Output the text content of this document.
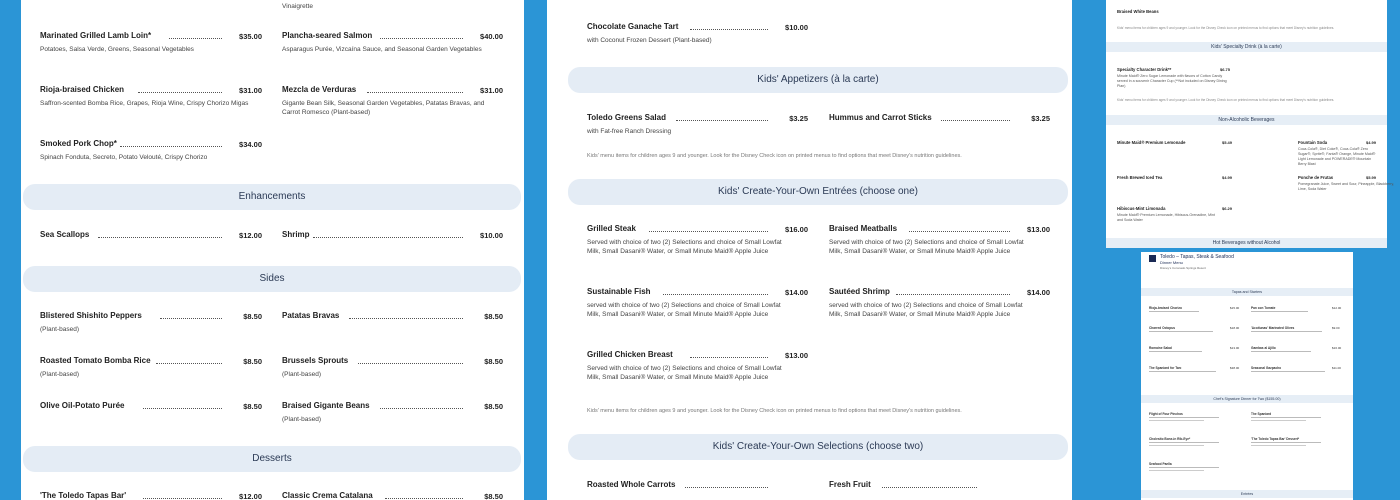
Vinaigrette
Marinated Grilled Lamb Loin*	$35.00
Potatoes, Salsa Verde, Greens, Seasonal Vegetables
Plancha-seared Salmon	$40.00
Asparagus Purée, Vizcaína Sauce, and Seasonal Garden Vegetables
Rioja-braised Chicken	$31.00
Saffron-scented Bomba Rice, Grapes, Rioja Wine, Crispy Chorizo Migas
Mezcla de Verduras	$31.00
Gigante Bean Silk, Seasonal Garden Vegetables, Patatas Bravas, and Carrot Romesco (Plant-based)
Smoked Pork Chop*	$34.00
Spinach Fonduta, Secreto, Potato Velouté, Crispy Chorizo
Sea Scallops	$12.00	Shrimp	$10.00
Blistered Shishito Peppers	$8.50
(Plant-based)
Patatas Bravas	$8.50
Roasted Tomato Bomba Rice	$8.50
(Plant-based)
Brussels Sprouts	$8.50
(Plant-based)
Olive Oil-Potato Purée	$8.50	Braised Gigante Beans	$8.50
(Plant-based)
'The Toledo Tapas Bar'	$12.00	Classic Crema Catalana	$8.50
Enhancements
Sides
Desserts
Chocolate Ganache Tart	$10.00
with Coconut Frozen Dessert (Plant-based)
Toledo Greens Salad	$3.25
with Fat-free Ranch Dressing
Hummus and Carrot Sticks	$3.25
Grilled Steak	$16.00
Served with choice of two (2) Selections and choice of Small Lowfat Milk, Small Dasani® Water, or Small Minute Maid® Apple Juice
Braised Meatballs	$13.00
Served with choice of two (2) Selections and choice of Small Lowfat Milk, Small Dasani® Water, or Small Minute Maid® Apple Juice
Sustainable Fish	$14.00
served with choice of two (2) Selections and choice of Small Lowfat Milk, Small Dasani® Water, or Small Minute Maid® Apple Juice
Sautéed Shrimp	$14.00
served with choice of two (2) Selections and choice of Small Lowfat Milk, Small Dasani® Water, or Small Minute Maid® Apple Juice
Grilled Chicken Breast	$13.00
Served with choice of two (2) Selections and choice of Small Lowfat Milk, Small Dasani® Water, or Small Minute Maid® Apple Juice
Roasted Whole Carrots	Fresh Fruit
Kids' Appetizers (à la carte)
Kids' menu items for children ages 9 and younger. Look for the Disney Check icon on printed menus to find options that meet Disney's nutrition guidelines.
Kids' Create-Your-Own Entrées (choose one)
Kids' menu items for children ages 9 and younger. Look for the Disney Check icon on printed menus to find options that meet Disney's nutrition guidelines.
Kids' Create-Your-Own Selections (choose two)
Braised White Beans
Kids' menu items for children ages 9 and younger. Look for the Disney Check icon on printed menus to find options that meet Disney's nutrition guidelines.
Kids' Specialty Drink (à la carte)
Specialty Character Drink**	$6.75
Minute Maid® Zero Sugar Lemonade with flavors of Cotton Candy served in a souvenir Character Cup (**Not included on Disney Dining Plan)
Kids' menu items for children ages 9 and younger. Look for the Disney Check icon on printed menus to find options that meet Disney's nutrition guidelines.
Non-Alcoholic Beverages
Minute Maid® Premium Lemonade	$5.49	Fountain Soda	$4.99
Coca-Cola®, Diet Coke®, Coca-Cola® Zero Sugar®, Sprite®, Fanta® Orange, Minute Maid® Light Lemonade and POWERADE® Mountain Berry Blast
Fresh Brewed Iced Tea	$4.99	Ponche de Frutas	$5.99
Pomegranate Juice, Sweet and Sour, Pineapple, Blackberry, Lime, Soda Water
Hibiscus-Mint Limonada	$6.29
Minute Maid® Premium Lemonade, Hibiscus-Grenadine, Mint and Soda Water
Hot Beverages without Alcohol
Toledo – Tapas, Steak & Seafood
Dinner Menu
Disney's Coronado Springs Resort
Tapas and Starters
Rioja-braised Chorizo	$15.00	Pan con Tomate	$12.00
Charred Octopus	$18.00	'Acoitunas' Marinated Olives	$9.00
Romaine Salad	$13.00	Gambas al Ajillo	$16.00
The Spaniard for Two	$38.00	Seasonal Gazpacho	$11.00
Chef's Signature Dinner for Two ($155.00)
Flight of Four Pinchos	The Spaniard
Cholesito Bone-in Rib-Eye*	'The Toledo Tapas Bar' Dessert*
Seafood Paella
Entrées
